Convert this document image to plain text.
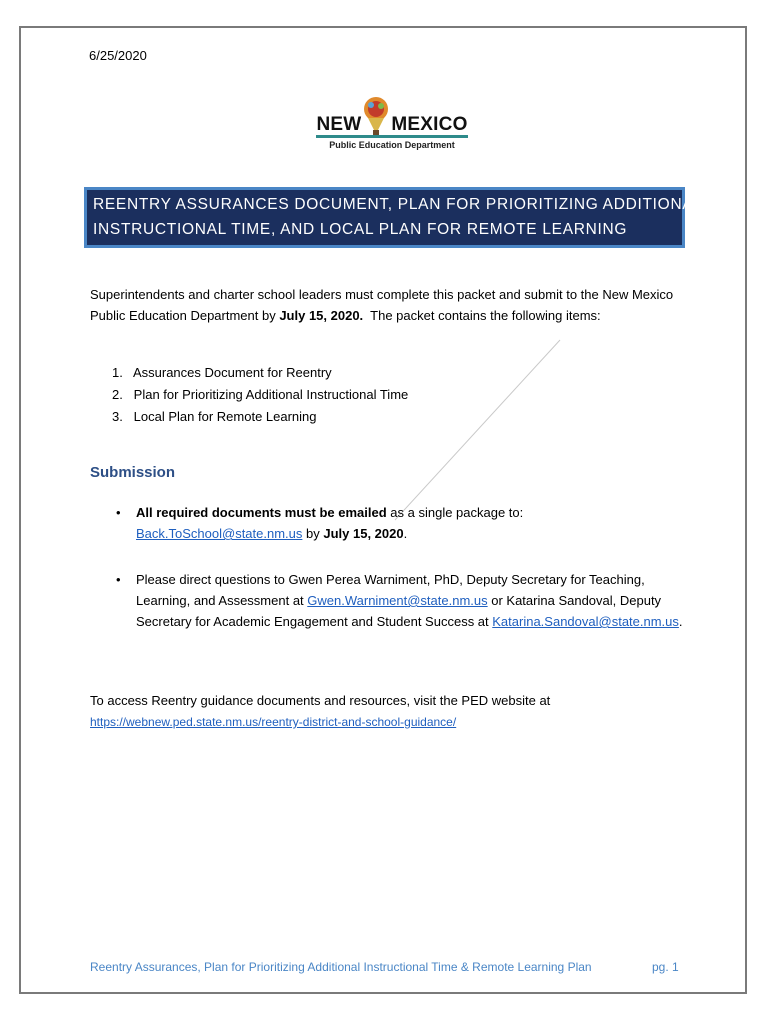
6/25/2020
NEW MEXICO
Public Education Department
REENTRY ASSURANCES DOCUMENT, PLAN FOR PRIORITIZING ADDITIONAL
INSTRUCTIONAL TIME, AND LOCAL PLAN FOR REMOTE LEARNING
Superintendents and charter school leaders must complete this packet and submit to the New Mexico Public Education Department by July 15, 2020.  The packet contains the following items:
1.   Assurances Document for Reentry
2.   Plan for Prioritizing Additional Instructional Time
3.   Local Plan for Remote Learning
Submission
• All required documents must be emailed as a single package to: Back.ToSchool@state.nm.us by July 15, 2020.
• Please direct questions to Gwen Perea Warniment, PhD, Deputy Secretary for Teaching, Learning, and Assessment at Gwen.Warniment@state.nm.us or Katarina Sandoval, Deputy Secretary for Academic Engagement and Student Success at Katarina.Sandoval@state.nm.us.
To access Reentry guidance documents and resources, visit the PED website at
https://webnew.ped.state.nm.us/reentry-district-and-school-guidance/
Reentry Assurances, Plan for Prioritizing Additional Instructional Time & Remote Learning Plan	pg. 1
